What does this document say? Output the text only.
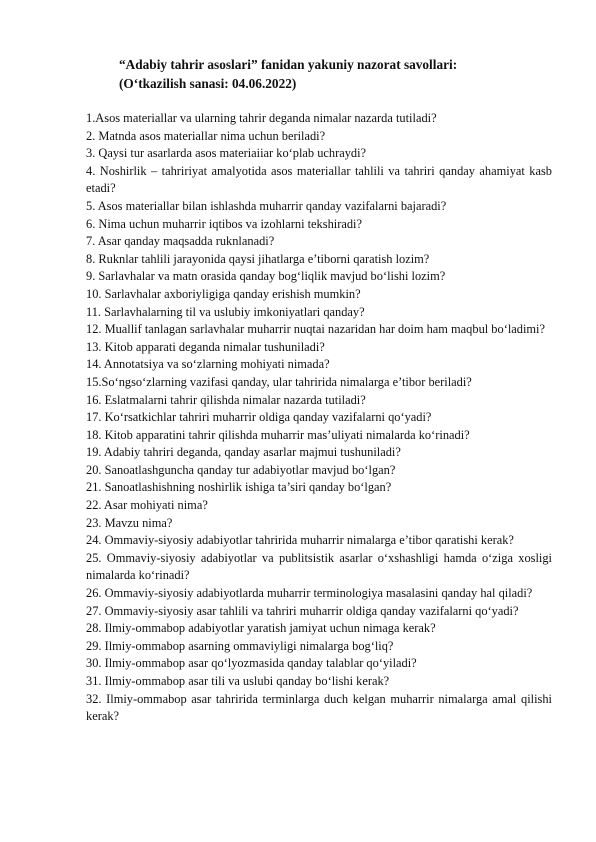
“Adabiy tahrir asoslari” fanidan yakuniy nazorat savollari:
(O‘tkazilish sanasi: 04.06.2022)

1.Asos materiallar va ularning tahrir deganda nimalar nazarda tutiladi?

2. Matnda asos materiallar nima uchun beriladi?

3. Qaysi tur asarlarda asos materiaiiar ko‘plab uchraydi?

4. Noshirlik – tahririyat amalyotida asos materiallar tahlili va tahriri qanday ahamiyat kasb etadi?

5. Asos materiallar bilan ishlashda muharrir qanday vazifalarni bajaradi?

6. Nima uchun muharrir iqtibos va izohlarni tekshiradi?

7. Asar qanday maqsadda ruknlanadi?

8. Ruknlar tahlili jarayonida qaysi jihatlarga e’tiborni qaratish lozim?

9. Sarlavhalar va matn orasida qanday bog‘liqlik mavjud bo‘lishi lozim?

10. Sarlavhalar axboriyligiga qanday erishish mumkin?

11. Sarlavhalarning til va uslubiy imkoniyatlari qanday?

12. Muallif tanlagan sarlavhalar muharrir nuqtai nazaridan har doim ham maqbul bo‘ladimi?

13. Kitob apparati deganda nimalar tushuniladi?

14. Annotatsiya va so‘zlarning mohiyati nimada?

15.So‘ngso‘zlarning vazifasi qanday, ular tahririda nimalarga e’tibor beriladi?

16. Eslatmalarni tahrir qilishda nimalar nazarda tutiladi?

17. Ko‘rsatkichlar tahriri muharrir oldiga qanday vazifalarni qo‘yadi?

18. Kitob apparatini tahrir qilishda muharrir mas’uliyati nimalarda ko‘rinadi?

19. Adabiy tahriri deganda, qanday asarlar majmui tushuniladi?

20. Sanoatlashguncha qanday tur adabiyotlar mavjud bo‘lgan?

21. Sanoatlashishning noshirlik ishiga ta’siri qanday bo‘lgan?

22. Asar mohiyati nima?

23. Mavzu nima?

24. Ommaviy-siyosiy adabiyotlar tahririda muharrir nimalarga e’tibor qaratishi kerak?

25. Ommaviy-siyosiy adabiyotlar va publitsistik asarlar o‘xshashligi hamda o‘ziga xosligi nimalarda ko‘rinadi?

26. Ommaviy-siyosiy adabiyotlarda muharrir terminologiya masalasini qanday hal qiladi?

27. Ommaviy-siyosiy asar tahlili va tahriri muharrir oldiga qanday vazifalarni qo‘yadi?

28. Ilmiy-ommabop adabiyotlar yaratish jamiyat uchun nimaga kerak?

29. Ilmiy-ommabop asarning ommaviyligi nimalarga bog‘liq?

30. Ilmiy-ommabop asar qo‘lyozmasida qanday talablar qo‘yiladi?

31. Ilmiy-ommabop asar tili va uslubi qanday bo‘lishi kerak?

32. Ilmiy-ommabop asar tahririda terminlarga duch kelgan muharrir nimalarga amal qilishi kerak?
